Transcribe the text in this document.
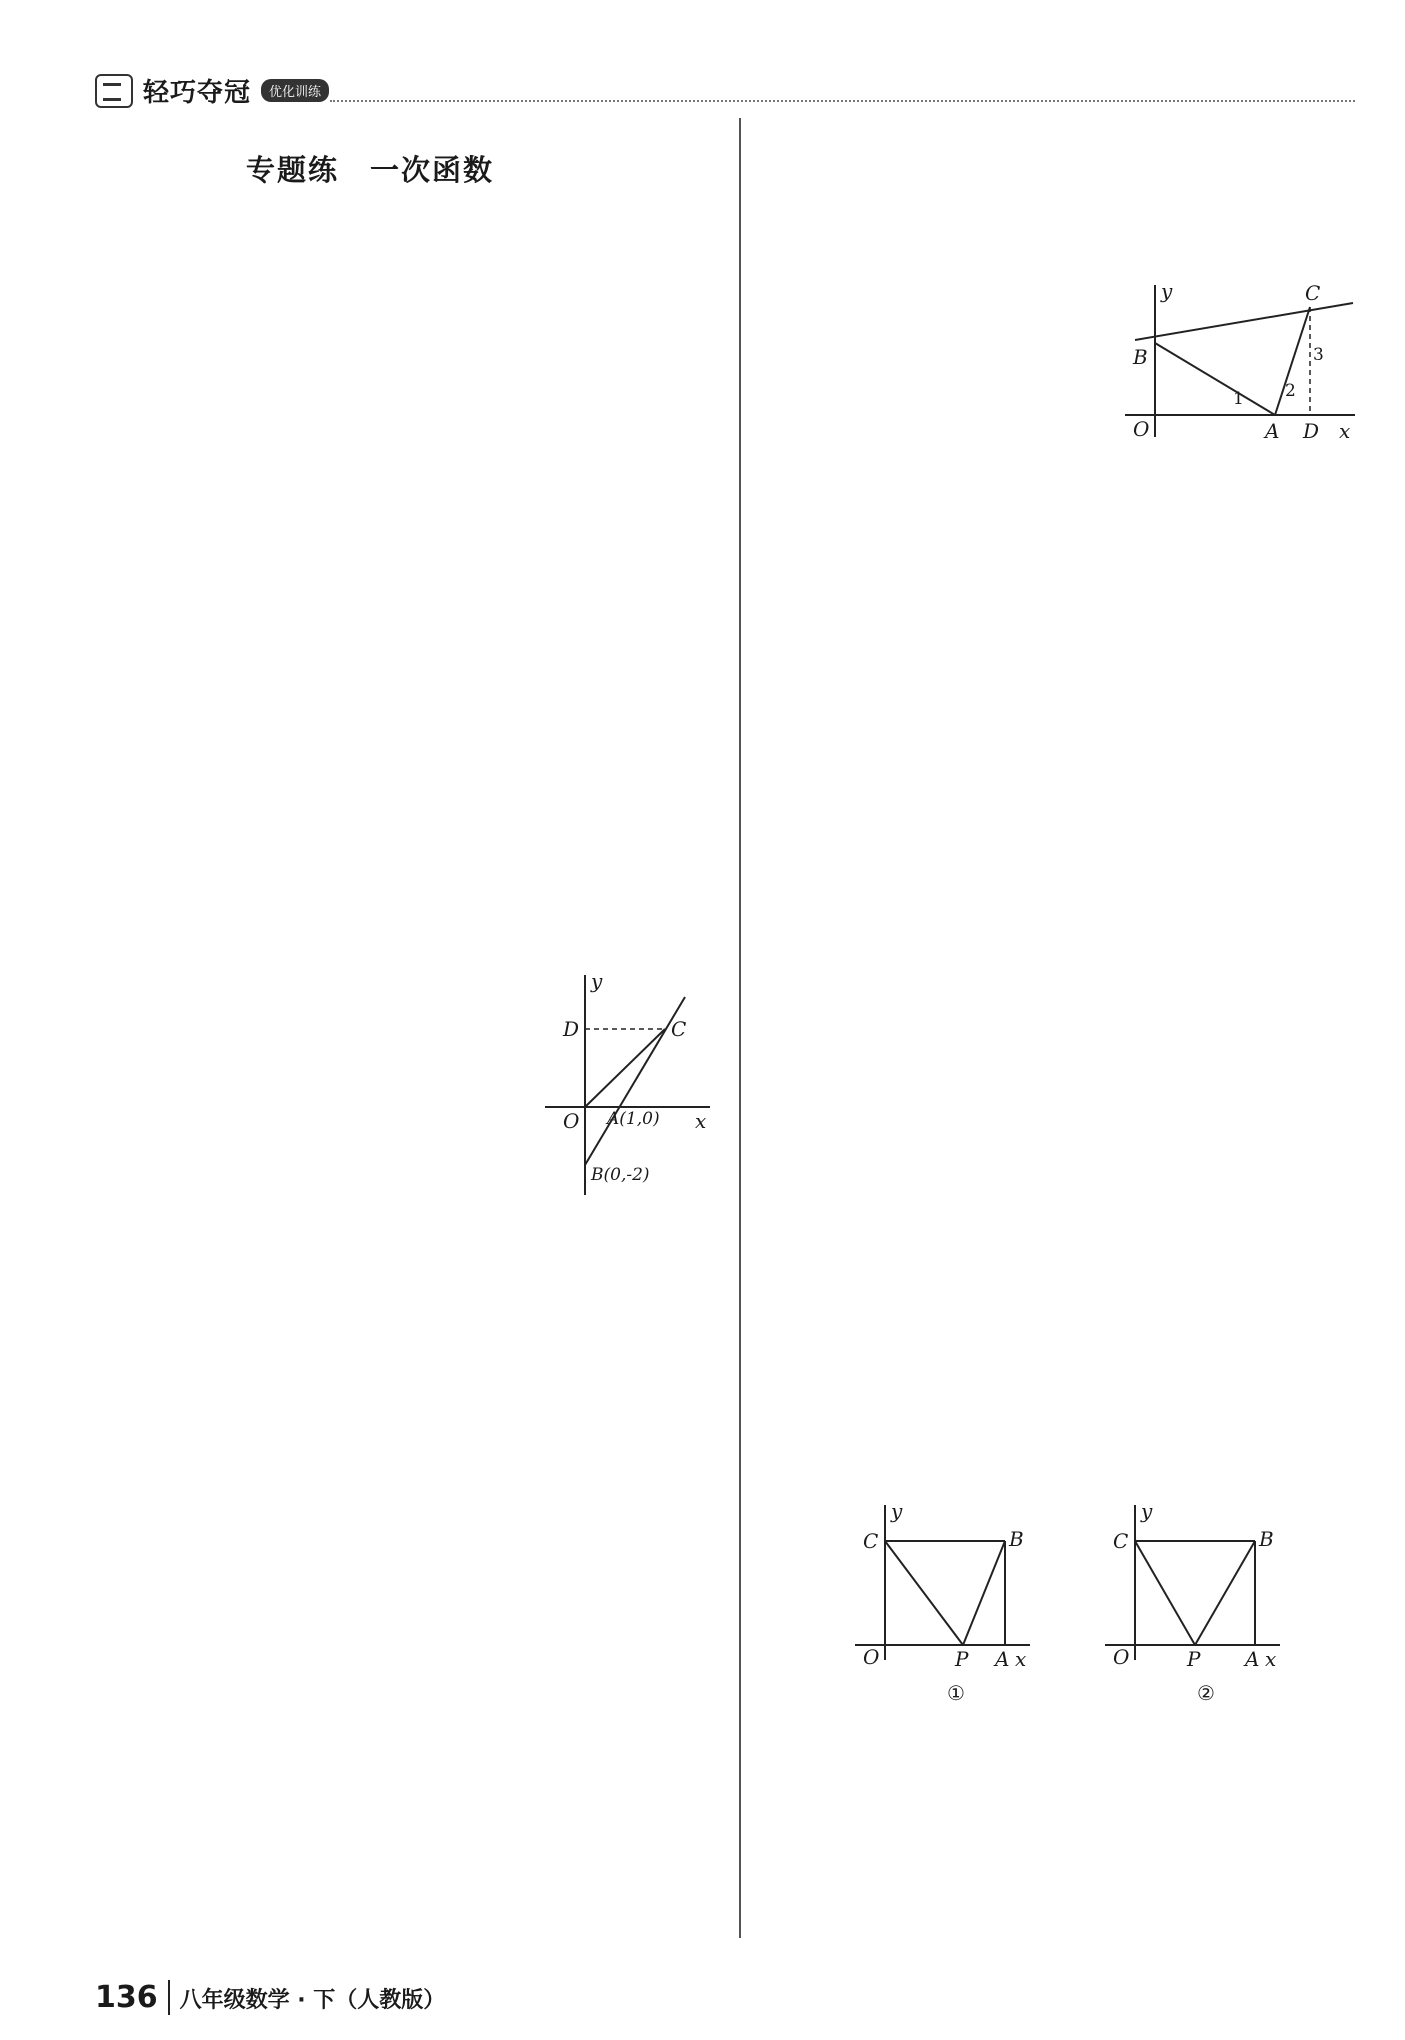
轻巧夺冠	优化训练
专题练　一次函数
y	C
B
O	A D x
1 2
3
y
D	C
O A(1,0) x
B(0,-2)
y
C	B
O	P A x
①
y
C	B
O	P A x
②
136	八年级数学 · 下（人教版）
